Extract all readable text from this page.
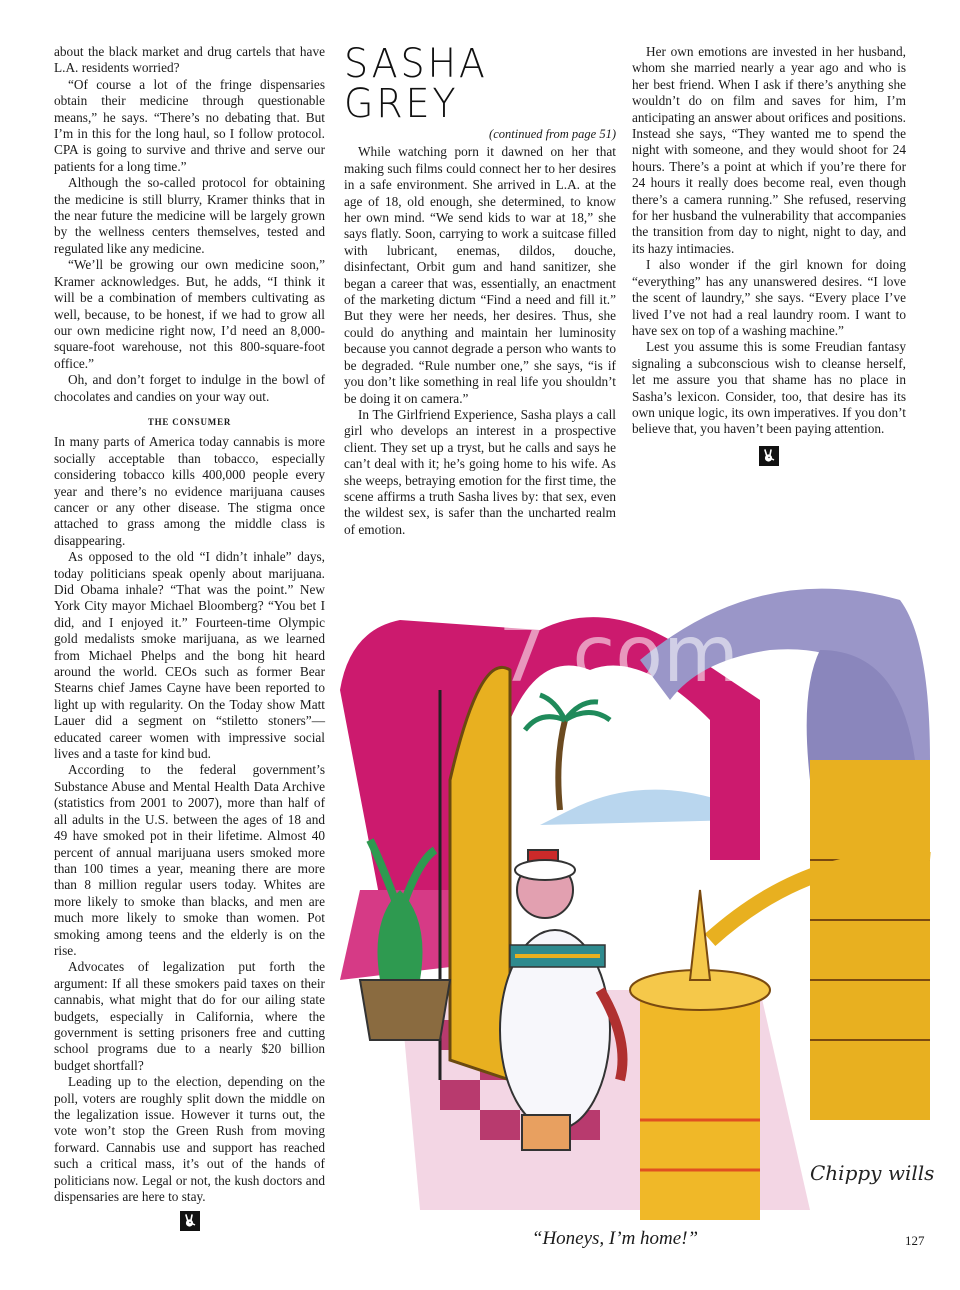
about the black market and drug cartels that have L.A. residents worried?

“Of course a lot of the fringe dispensaries obtain their medicine through questionable means,” he says. “There’s no debating that. But I’m in this for the long haul, so I follow protocol. CPA is going to survive and thrive and serve our patients for a long time.”

Although the so-called protocol for obtaining the medicine is still blurry, Kramer thinks that in the near future the medicine will be largely grown by the wellness centers themselves, tested and regulated like any medicine.

“We’ll be growing our own medicine soon,” Kramer acknowledges. But, he adds, “I think it will be a combination of members cultivating as well, because, to be honest, if we had to grow all our own medicine right now, I’d need an 8,000-square-foot warehouse, not this 800-square-foot office.”

Oh, and don’t forget to indulge in the bowl of chocolates and candies on your way out.

THE CONSUMER

In many parts of America today cannabis is more socially acceptable than tobacco, especially considering tobacco kills 400,000 people every year and there’s no evidence marijuana causes cancer or any other disease. The stigma once attached to grass among the middle class is disappearing.

As opposed to the old “I didn’t inhale” days, today politicians speak openly about marijuana. Did Obama inhale? “That was the point.” New York City mayor Michael Bloomberg? “You bet I did, and I enjoyed it.” Fourteen-time Olympic gold medalists smoke marijuana, as we learned from Michael Phelps and the bong hit heard around the world. CEOs such as former Bear Stearns chief James Cayne have been reported to light up with regularity. On the Today show Matt Lauer did a segment on “stiletto stoners”—educated career women with impressive social lives and a taste for kind bud.

According to the federal government’s Substance Abuse and Mental Health Data Archive (statistics from 2001 to 2007), more than half of all adults in the U.S. between the ages of 18 and 49 have smoked pot in their lifetime. Almost 40 percent of annual marijuana users smoked more than 100 times a year, meaning there are more than 8 million regular users today. Whites are more likely to smoke than blacks, and men are much more likely to smoke than women. Pot smoking among teens and the elderly is on the rise.

Advocates of legalization put forth the argument: If all these smokers paid taxes on their cannabis, what might that do for our ailing state budgets, especially in California, where the government is setting prisoners free and cutting school programs due to a nearly $20 billion budget shortfall?

Leading up to the election, depending on the poll, voters are roughly split down the middle on the legalization issue. However it turns out, the vote won’t stop the Green Rush from moving forward. Cannabis use and support has reached such a critical mass, it’s out of the hands of politicians now. Legal or not, the kush doctors and dispensaries are here to stay.

SASHA GREY
(continued from page 51)

While watching porn it dawned on her that making such films could connect her to her desires in a safe environment. She arrived in L.A. at the age of 18, old enough, she determined, to know her own mind. “We send kids to war at 18,” she says flatly. Soon, carrying to work a suitcase filled with lubricant, enemas, dildos, douche, disinfectant, Orbit gum and hand sanitizer, she began a career that was, essentially, an enactment of the marketing dictum “Find a need and fill it.” But they were her needs, her desires. Thus, she could do anything and maintain her luminosity because you cannot degrade a person who wants to be degraded. “Rule number one,” she says, “is if you don’t like something in real life you shouldn’t be doing it on camera.”

In The Girlfriend Experience, Sasha plays a call girl who develops an interest in a prospective client. They set up a tryst, but he calls and says he can’t deal with it; he’s going home to his wife. As she weeps, betraying emotion for the first time, the scene affirms a truth Sasha lives by: that sex, even the wildest sex, is safer than the uncharted realm of emotion.

Her own emotions are invested in her husband, whom she married nearly a year ago and who is her best friend. When I ask if there’s anything she wouldn’t do on film and saves for him, I’m anticipating an answer about orifices and positions. Instead she says, “They wanted me to spend the night with someone, and they would shoot for 24 hours. There’s a point at which if you’re there for 24 hours it really does become real, even though there’s a camera running.” She refused, reserving for her husband the vulnerability that accompanies the transition from day to night, night to day, and its hazy intimacies.

I also wonder if the girl known for doing “everything” has any unanswered desires. “I love the scent of laundry,” she says. “Every place I’ve lived I’ve not had a real laundry room. I want to have sex on top of a washing machine.”

Lest you assume this is some Freudian fantasy signaling a subconscious wish to cleanse herself, let me assure you that shame has no place in Sasha’s lexicon. Consider, too, that desire has its own unique logic, its own imperatives. If you don’t believe that, you haven’t been paying attention.

Chippy wills
7.com
“Honeys, I’m home!”	127
